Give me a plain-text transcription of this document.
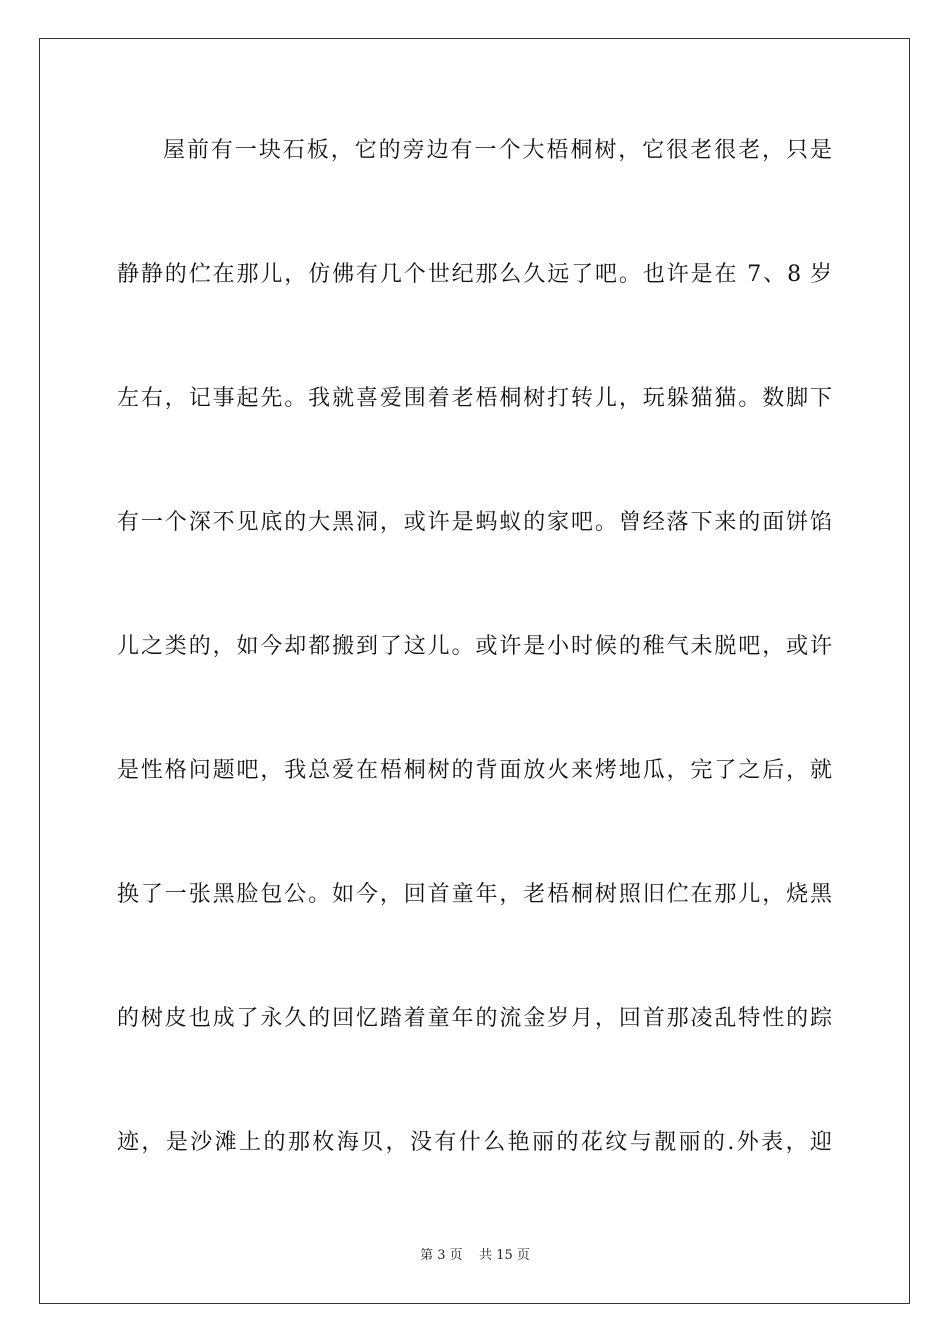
屋前有一块石板，它的旁边有一个大梧桐树，它很老很老，只是
静静的伫在那儿，仿佛有几个世纪那么久远了吧。也许是在 7、8 岁
左右，记事起先。我就喜爱围着老梧桐树打转儿，玩躲猫猫。数脚下
有一个深不见底的大黑洞，或许是蚂蚁的家吧。曾经落下来的面饼馅
儿之类的，如今却都搬到了这儿。或许是小时候的稚气未脱吧，或许
是性格问题吧，我总爱在梧桐树的背面放火来烤地瓜，完了之后，就
换了一张黑脸包公。如今，回首童年，老梧桐树照旧伫在那儿，烧黑
的树皮也成了永久的回忆踏着童年的流金岁月，回首那凌乱特性的踪
迹，是沙滩上的那枚海贝，没有什么艳丽的花纹与靓丽的.外表，迎
第 3 页    共 15 页
